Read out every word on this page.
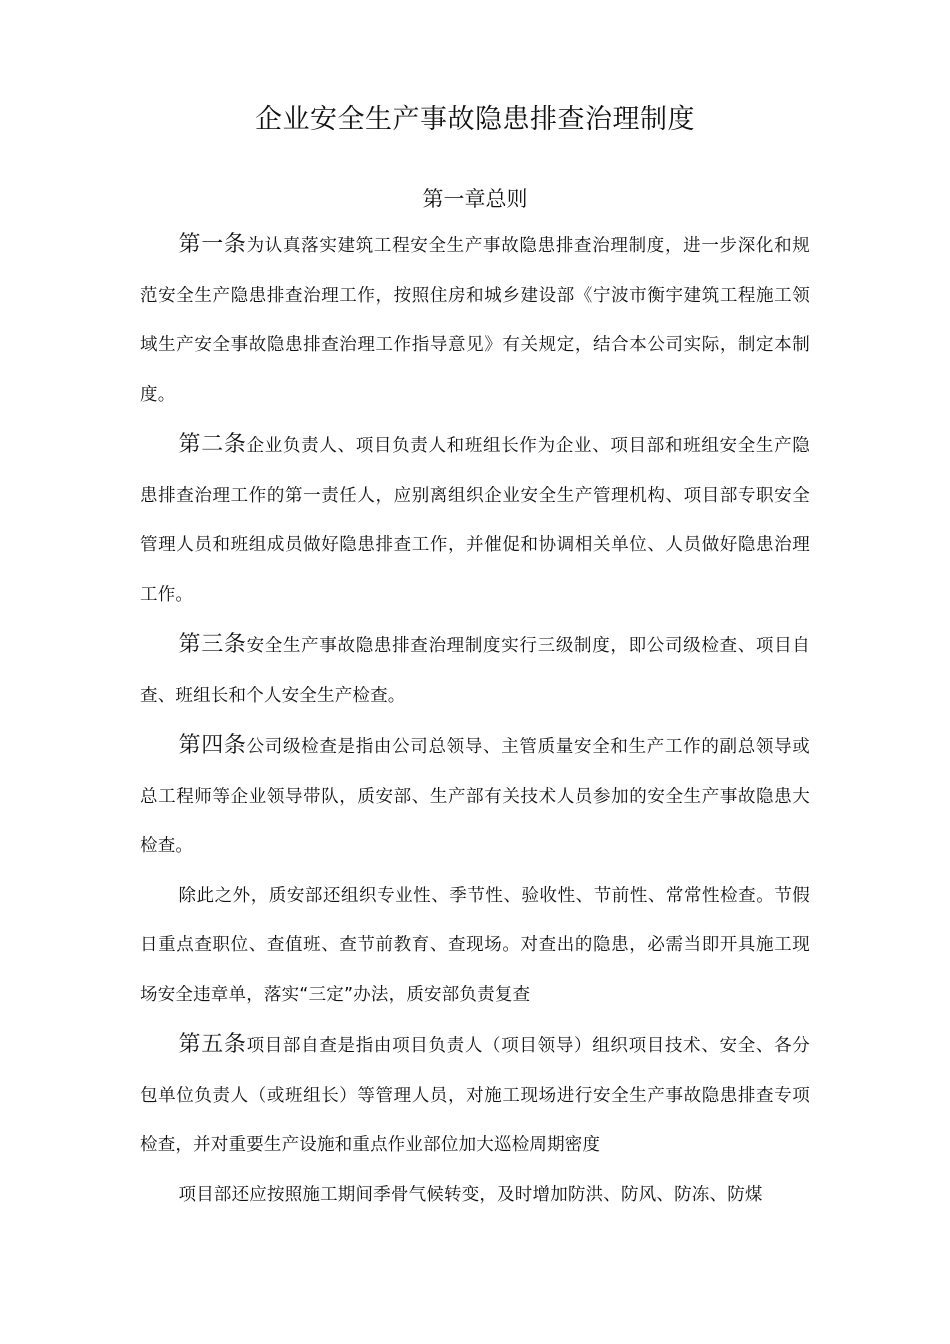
企业安全生产事故隐患排查治理制度
第一章总则

第一条为认真落实建筑工程安全生产事故隐患排查治理制度，进一步深化和规范安全生产隐患排查治理工作，按照住房和城乡建设部《宁波市衡宇建筑工程施工领域生产安全事故隐患排查治理工作指导意见》有关规定，结合本公司实际，制定本制度。

第二条企业负责人、项目负责人和班组长作为企业、项目部和班组安全生产隐患排查治理工作的第一责任人，应别离组织企业安全生产管理机构、项目部专职安全管理人员和班组成员做好隐患排查工作，并催促和协调相关单位、人员做好隐患治理工作。

第三条安全生产事故隐患排查治理制度实行三级制度，即公司级检查、项目自查、班组长和个人安全生产检查。

第四条公司级检查是指由公司总领导、主管质量安全和生产工作的副总领导或总工程师等企业领导带队，质安部、生产部有关技术人员参加的安全生产事故隐患大检查。

除此之外，质安部还组织专业性、季节性、验收性、节前性、常常性检查。节假日重点查职位、查值班、查节前教育、查现场。对查出的隐患，必需当即开具施工现场安全违章单，落实“三定”办法，质安部负责复查

第五条项目部自查是指由项目负责人（项目领导）组织项目技术、安全、各分包单位负责人（或班组长）等管理人员，对施工现场进行安全生产事故隐患排查专项检查，并对重要生产设施和重点作业部位加大巡检周期密度

项目部还应按照施工期间季骨气候转变，及时增加防洪、防风、防冻、防煤
